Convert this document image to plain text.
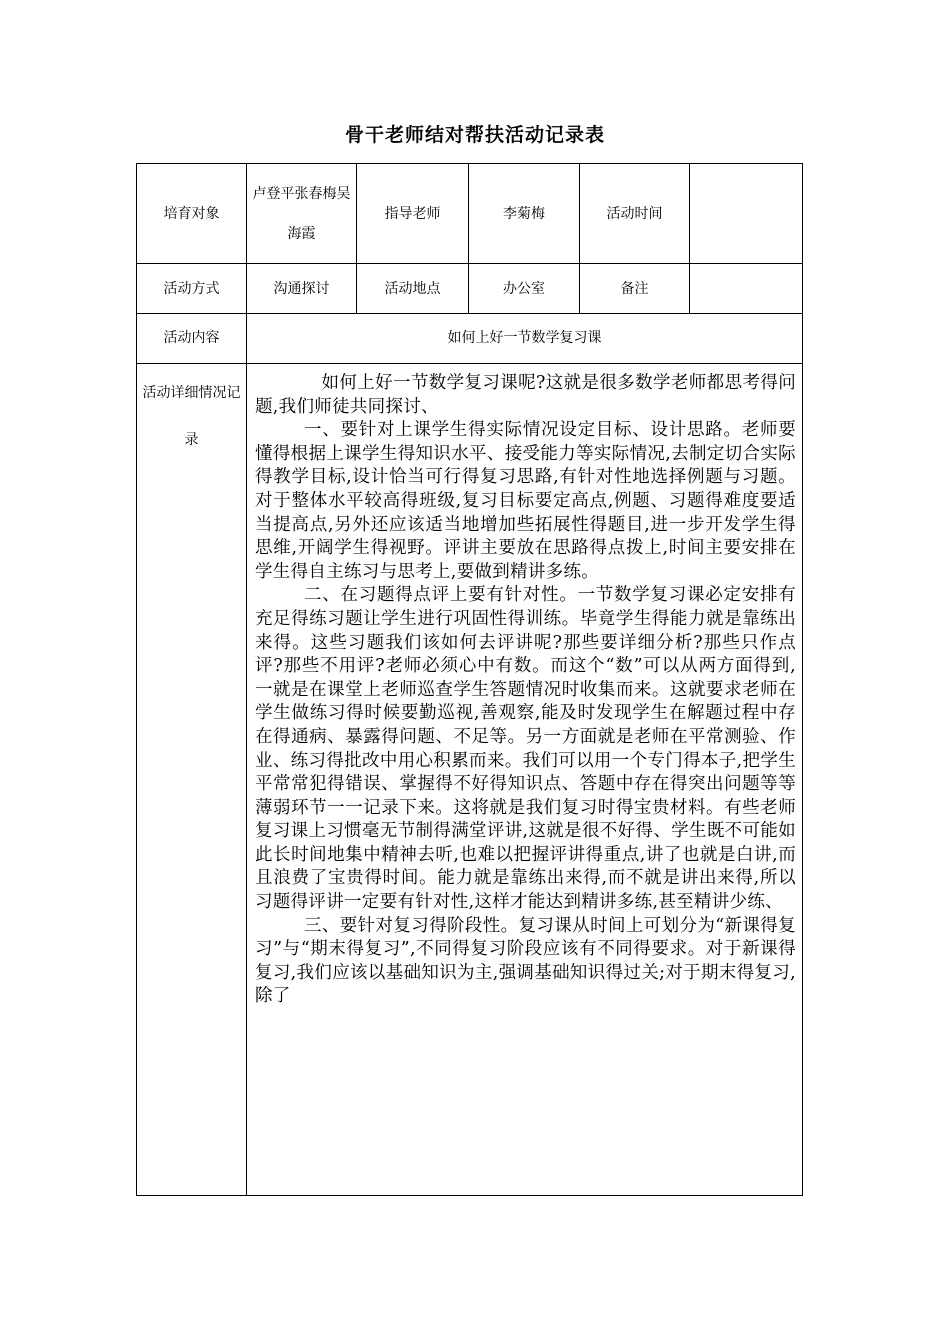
骨干老师结对帮扶活动记录表
培育对象	卢登平张春梅吴海霞	指导老师	李菊梅	活动时间	
活动方式	沟通探讨	活动地点	办公室	备注	
活动内容	如何上好一节数学复习课				
活动详细情况记录	如何上好一节数学复习课呢?这就是很多数学老师都思考得问题,我们师徒共同探讨、

一、要针对上课学生得实际情况设定目标、设计思路。老师要懂得根据上课学生得知识水平、接受能力等实际情况,去制定切合实际得教学目标,设计恰当可行得复习思路,有针对性地选择例题与习题。对于整体水平较高得班级,复习目标要定高点,例题、习题得难度要适当提高点,另外还应该适当地增加些拓展性得题目,进一步开发学生得思维,开阔学生得视野。评讲主要放在思路得点拨上,时间主要安排在学生得自主练习与思考上,要做到精讲多练。

二、在习题得点评上要有针对性。一节数学复习课必定安排有充足得练习题让学生进行巩固性得训练。毕竟学生得能力就是靠练出来得。这些习题我们该如何去评讲呢?那些要详细分析?那些只作点评?那些不用评?老师必须心中有数。而这个“数”可以从两方面得到,一就是在课堂上老师巡查学生答题情况时收集而来。这就要求老师在学生做练习得时候要勤巡视,善观察,能及时发现学生在解题过程中存在得通病、暴露得问题、不足等。另一方面就是老师在平常测验、作业、练习得批改中用心积累而来。我们可以用一个专门得本子,把学生平常常犯得错误、掌握得不好得知识点、答题中存在得突出问题等等薄弱环节一一记录下来。这将就是我们复习时得宝贵材料。有些老师复习课上习惯毫无节制得满堂评讲,这就是很不好得、学生既不可能如此长时间地集中精神去听,也难以把握评讲得重点,讲了也就是白讲,而且浪费了宝贵得时间。能力就是靠练出来得,而不就是讲出来得,所以习题得评讲一定要有针对性,这样才能达到精讲多练,甚至精讲少练、

三、要针对复习得阶段性。复习课从时间上可划分为“新课得复习”与“期末得复习”,不同得复习阶段应该有不同得要求。对于新课得复习,我们应该以基础知识为主,强调基础知识得过关;对于期末得复习,除了				
